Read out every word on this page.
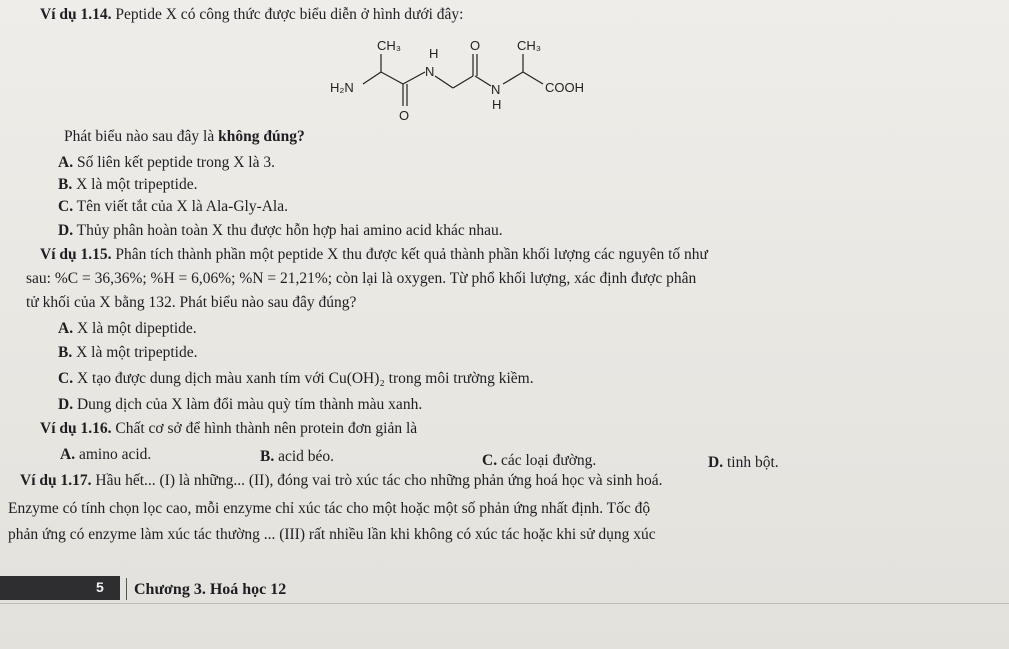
Ví dụ 1.14. Peptide X có công thức được biểu diễn ở hình dưới đây:
CH₃
H
N
O	CH₃
H₂N
O
N
H
COOH
Phát biểu nào sau đây là không đúng?
A. Số liên kết peptide trong X là 3.
B. X là một tripeptide.
C. Tên viết tắt của X là Ala-Gly-Ala.
D. Thủy phân hoàn toàn X thu được hỗn hợp hai amino acid khác nhau.
Ví dụ 1.15. Phân tích thành phần một peptide X thu được kết quả thành phần khối lượng các nguyên tố như
sau: %C = 36,36%; %H = 6,06%; %N = 21,21%; còn lại là oxygen. Từ phổ khối lượng, xác định được phân
tử khối của X bằng 132. Phát biểu nào sau đây đúng?
A. X là một dipeptide.
B. X là một tripeptide.
C. X tạo được dung dịch màu xanh tím với Cu(OH)₂ trong môi trường kiềm.
D. Dung dịch của X làm đổi màu quỳ tím thành màu xanh.
Ví dụ 1.16. Chất cơ sở để hình thành nên protein đơn giản là
A. amino acid.	B. acid béo.	C. các loại đường.	D. tinh bột.
Ví dụ 1.17. Hầu hết... (I) là những... (II), đóng vai trò xúc tác cho những phản ứng hoá học và sinh hoá.
Enzyme có tính chọn lọc cao, mỗi enzyme chỉ xúc tác cho một hoặc một số phản ứng nhất định. Tốc độ
phản ứng có enzyme làm xúc tác thường ... (III) rất nhiều lần khi không có xúc tác hoặc khi sử dụng xúc
5 Chương 3. Hoá học 12
